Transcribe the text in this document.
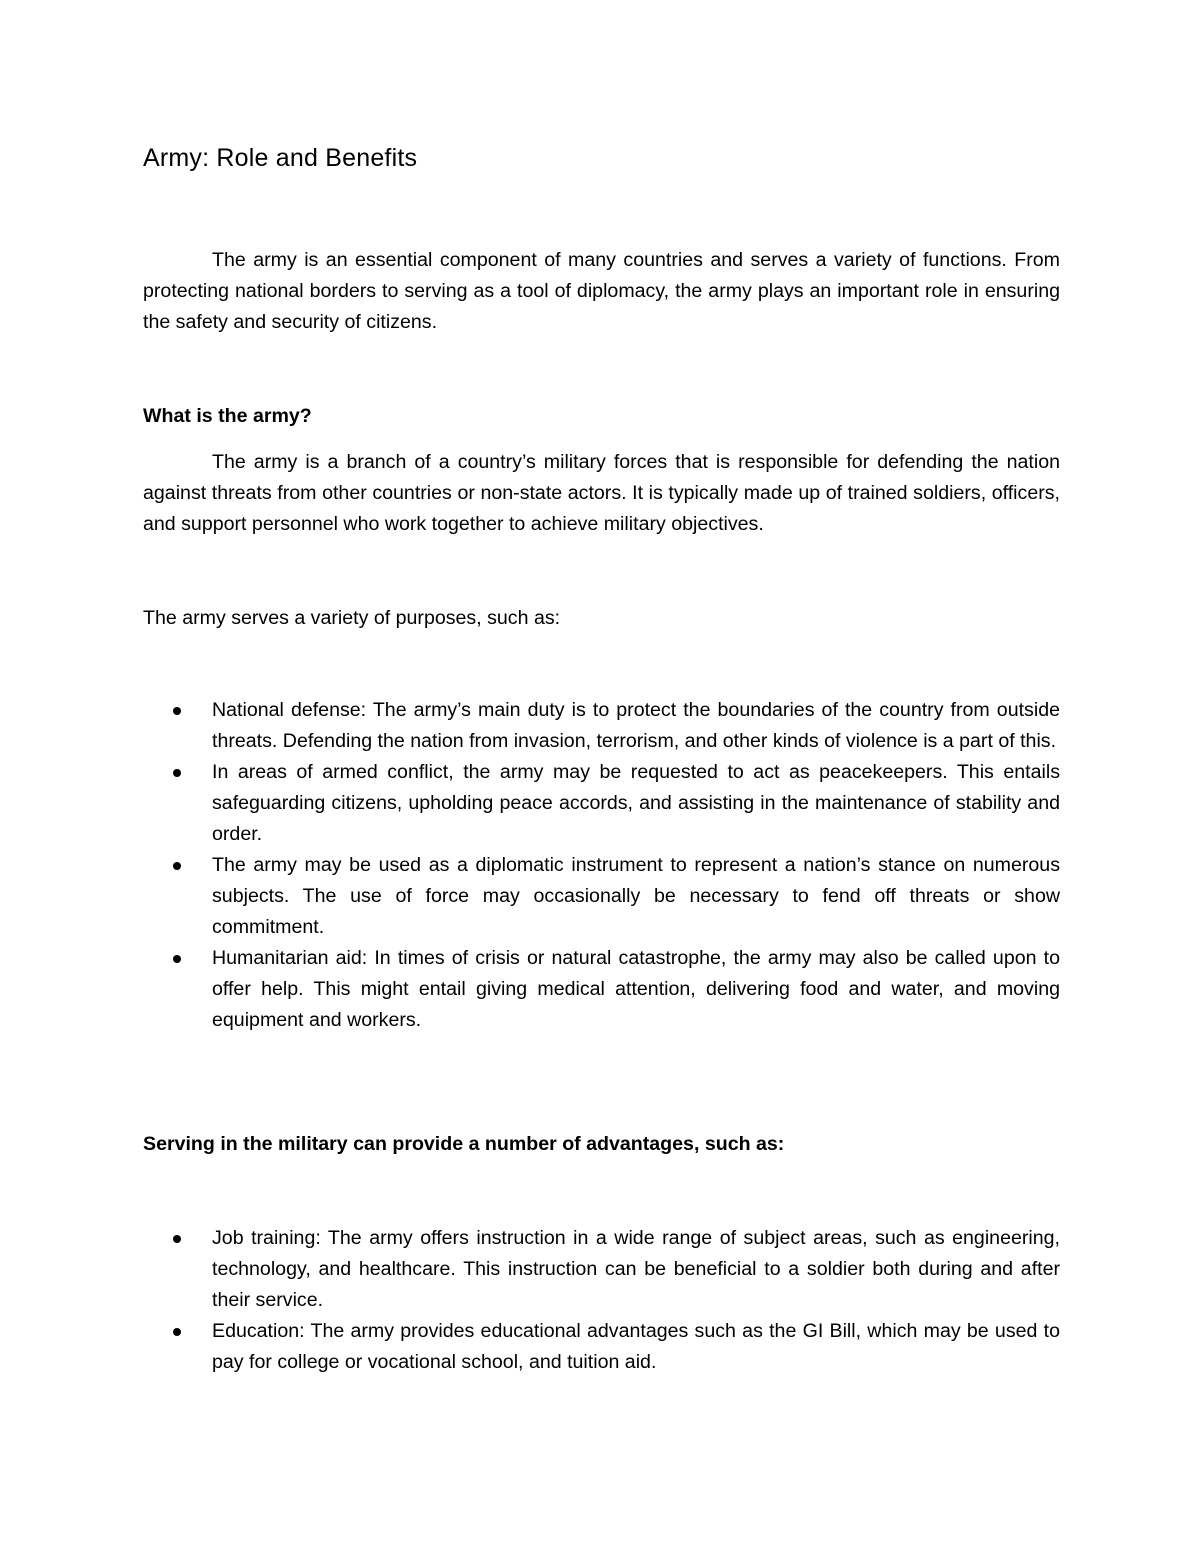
Army: Role and Benefits

The army is an essential component of many countries and serves a variety of functions. From protecting national borders to serving as a tool of diplomacy, the army plays an important role in ensuring the safety and security of citizens.

What is the army?

The army is a branch of a country’s military forces that is responsible for defending the nation against threats from other countries or non-state actors. It is typically made up of trained soldiers, officers, and support personnel who work together to achieve military objectives.

The army serves a variety of purposes, such as:

National defense: The army’s main duty is to protect the boundaries of the country from outside threats. Defending the nation from invasion, terrorism, and other kinds of violence is a part of this.
In areas of armed conflict, the army may be requested to act as peacekeepers. This entails safeguarding citizens, upholding peace accords, and assisting in the maintenance of stability and order.
The army may be used as a diplomatic instrument to represent a nation’s stance on numerous subjects. The use of force may occasionally be necessary to fend off threats or show commitment.
Humanitarian aid: In times of crisis or natural catastrophe, the army may also be called upon to offer help. This might entail giving medical attention, delivering food and water, and moving equipment and workers.

Serving in the military can provide a number of advantages, such as:

Job training: The army offers instruction in a wide range of subject areas, such as engineering, technology, and healthcare. This instruction can be beneficial to a soldier both during and after their service.
Education: The army provides educational advantages such as the GI Bill, which may be used to pay for college or vocational school, and tuition aid.
